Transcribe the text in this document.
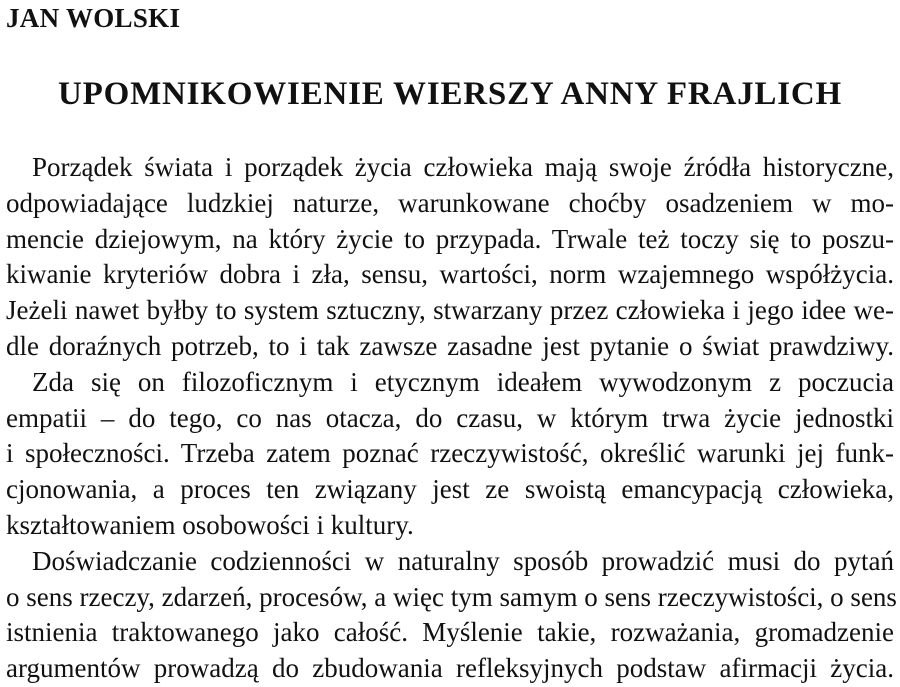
JAN WOLSKI
UPOMNIKOWIENIE WIERSZY ANNY FRAJLICH
Porządek świata i porządek życia człowieka mają swoje źródła historyczne,
odpowiadające ludzkiej naturze, warunkowane choćby osadzeniem w mo-
mencie dziejowym, na który życie to przypada. Trwale też toczy się to poszu-
kiwanie kryteriów dobra i zła, sensu, wartości, norm wzajemnego współżycia.
Jeżeli nawet byłby to system sztuczny, stwarzany przez człowieka i jego idee we-
dle doraźnych potrzeb, to i tak zawsze zasadne jest pytanie o świat prawdziwy.
Zda się on filozoficznym i etycznym ideałem wywodzonym z poczucia
empatii – do tego, co nas otacza, do czasu, w którym trwa życie jednostki
i społeczności. Trzeba zatem poznać rzeczywistość, określić warunki jej funk-
cjonowania, a proces ten związany jest ze swoistą emancypacją człowieka,
kształtowaniem osobowości i kultury.
Doświadczanie codzienności w naturalny sposób prowadzić musi do pytań
o sens rzeczy, zdarzeń, procesów, a więc tym samym o sens rzeczywistości, o sens
istnienia traktowanego jako całość. Myślenie takie, rozważania, gromadzenie
argumentów prowadzą do zbudowania refleksyjnych podstaw afirmacji życia.
